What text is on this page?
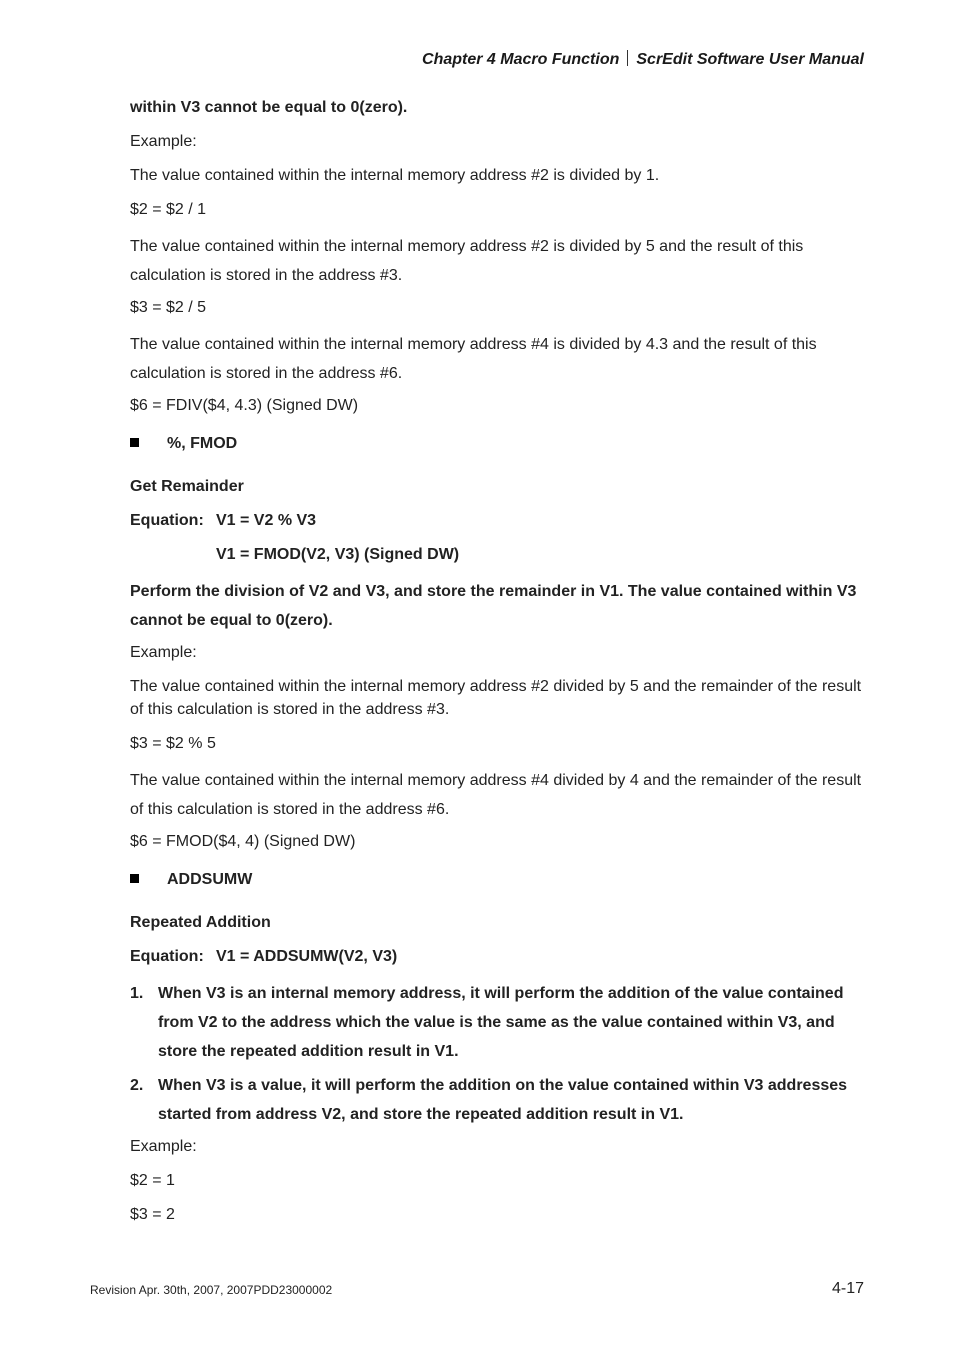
Chapter 4 Macro Function ScrEdit Software User Manual

within V3 cannot be equal to 0(zero).

Example:

The value contained within the internal memory address #2 is divided by 1.

$2 = $2 / 1

The value contained within the internal memory address #2 is divided by 5 and the result of this calculation is stored in the address #3.

$3 = $2 / 5

The value contained within the internal memory address #4 is divided by 4.3 and the result of this calculation is stored in the address #6.

$6 = FDIV($4, 4.3) (Signed DW)

%, FMOD

Get Remainder

Equation: V1 = V2 % V3
V1 = FMOD(V2, V3) (Signed DW)

Perform the division of V2 and V3, and store the remainder in V1. The value contained within V3 cannot be equal to 0(zero).

Example:

The value contained within the internal memory address #2 divided by 5 and the remainder of the result of this calculation is stored in the address #3.

$3 = $2 % 5

The value contained within the internal memory address #4 divided by 4 and the remainder of the result of this calculation is stored in the address #6.

$6 = FMOD($4, 4) (Signed DW)

ADDSUMW

Repeated Addition

Equation: V1 = ADDSUMW(V2, V3)
1. When V3 is an internal memory address, it will perform the addition of the value contained from V2 to the address which the value is the same as the value contained within V3, and store the repeated addition result in V1.
2. When V3 is a value, it will perform the addition on the value contained within V3 addresses started from address V2, and store the repeated addition result in V1.

Example:

$2 = 1

$3 = 2

Revision Apr. 30th, 2007, 2007PDD23000002	4-17
